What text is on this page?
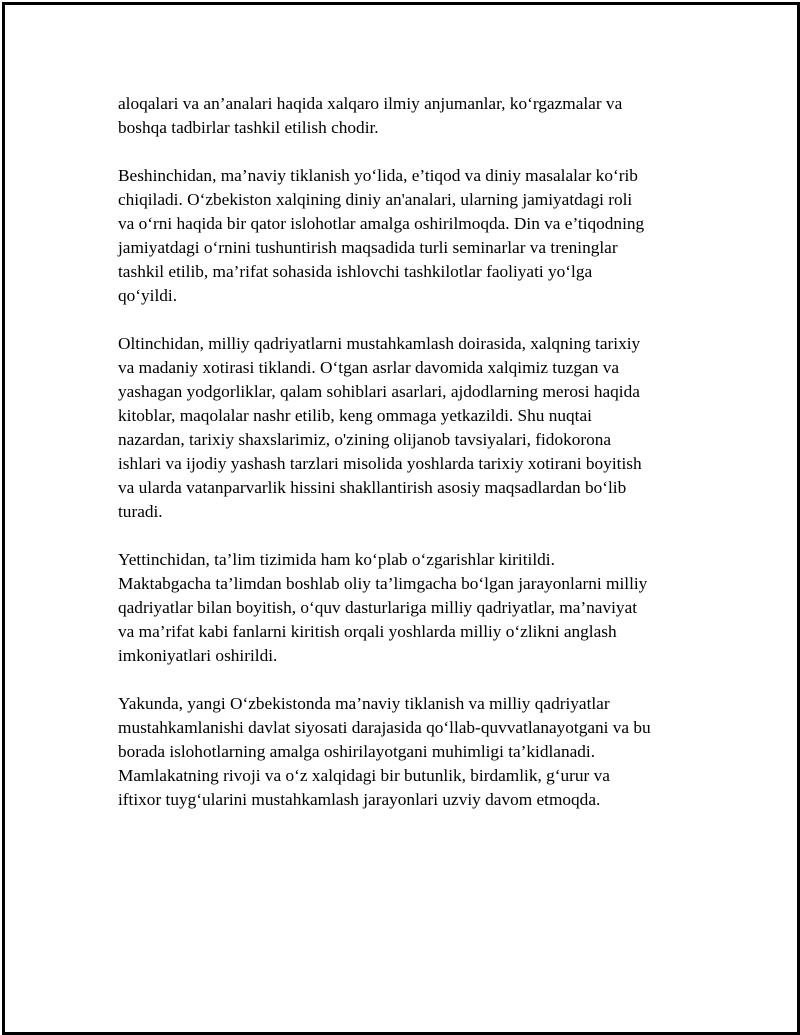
aloqalari va an’analari haqida xalqaro ilmiy anjumanlar, ko‘rgazmalar va
boshqa tadbirlar tashkil etilish chodir.

Beshinchidan, ma’naviy tiklanish yo‘lida, e’tiqod va diniy masalalar ko‘rib
chiqiladi. O‘zbekiston xalqining diniy an'analari, ularning jamiyatdagi roli
va o‘rni haqida bir qator islohotlar amalga oshirilmoqda. Din va e’tiqodning
jamiyatdagi o‘rnini tushuntirish maqsadida turli seminarlar va treninglar
tashkil etilib, ma’rifat sohasida ishlovchi tashkilotlar faoliyati yo‘lga
qo‘yildi.

Oltinchidan, milliy qadriyatlarni mustahkamlash doirasida, xalqning tarixiy
va madaniy xotirasi tiklandi. O‘tgan asrlar davomida xalqimiz tuzgan va
yashagan yodgorliklar, qalam sohiblari asarlari, ajdodlarning merosi haqida
kitoblar, maqolalar nashr etilib, keng ommaga yetkazildi. Shu nuqtai
nazardan, tarixiy shaxslarimiz, o'zining olijanob tavsiyalari, fidokorona
ishlari va ijodiy yashash tarzlari misolida yoshlarda tarixiy xotirani boyitish
va ularda vatanparvarlik hissini shakllantirish asosiy maqsadlardan bo‘lib
turadi.

Yettinchidan, ta’lim tizimida ham ko‘plab o‘zgarishlar kiritildi.
Maktabgacha ta’limdan boshlab oliy ta’limgacha bo‘lgan jarayonlarni milliy
qadriyatlar bilan boyitish, o‘quv dasturlariga milliy qadriyatlar, ma’naviyat
va ma’rifat kabi fanlarni kiritish orqali yoshlarda milliy o‘zlikni anglash
imkoniyatlari oshirildi.

Yakunda, yangi O‘zbekistonda ma’naviy tiklanish va milliy qadriyatlar
mustahkamlanishi davlat siyosati darajasida qo‘llab-quvvatlanayotgani va bu
borada islohotlarning amalga oshirilayotgani muhimligi ta’kidlanadi.
Mamlakatning rivoji va o‘z xalqidagi bir butunlik, birdamlik, g‘urur va
iftixor tuyg‘ularini mustahkamlash jarayonlari uzviy davom etmoqda.
